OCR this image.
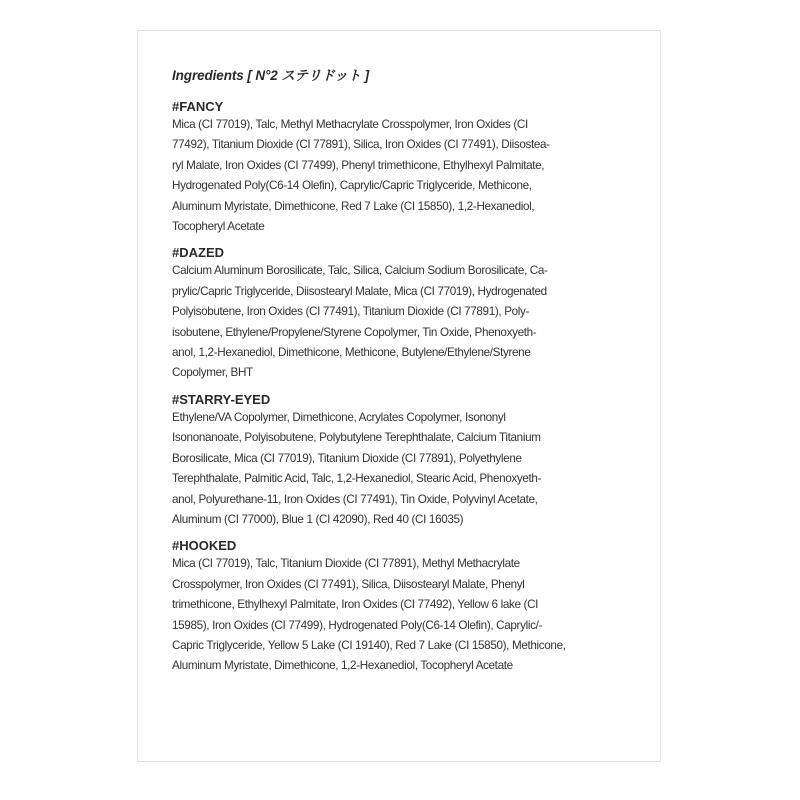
Ingredients [ N°2 ステリドット ]
#FANCY

Mica (CI 77019), Talc, Methyl Methacrylate Crosspolymer, Iron Oxides (CI
77492), Titanium Dioxide (CI 77891), Silica, Iron Oxides (CI 77491), Diisostea-
ryl Malate, Iron Oxides (CI 77499), Phenyl trimethicone, Ethylhexyl Palmitate,
Hydrogenated Poly(C6-14 Olefin), Caprylic/Capric Triglyceride, Methicone,
Aluminum Myristate, Dimethicone, Red 7 Lake (CI 15850), 1,2-Hexanediol,
Tocopheryl Acetate

#DAZED

Calcium Aluminum Borosilicate, Talc, Silica, Calcium Sodium Borosilicate, Ca-
prylic/Capric Triglyceride, Diisostearyl Malate, Mica (CI 77019), Hydrogenated
Polyisobutene, Iron Oxides (CI 77491), Titanium Dioxide (CI 77891), Poly-
isobutene, Ethylene/Propylene/Styrene Copolymer, Tin Oxide, Phenoxyeth-
anol, 1,2-Hexanediol, Dimethicone, Methicone, Butylene/Ethylene/Styrene
Copolymer, BHT

#STARRY-EYED

Ethylene/VA Copolymer, Dimethicone, Acrylates Copolymer, Isononyl
Isononanoate, Polyisobutene, Polybutylene Terephthalate, Calcium Titanium
Borosilicate, Mica (CI 77019), Titanium Dioxide (CI 77891), Polyethylene
Terephthalate, Palmitic Acid, Talc, 1,2-Hexanediol, Stearic Acid, Phenoxyeth-
anol, Polyurethane-11, Iron Oxides (CI 77491), Tin Oxide, Polyvinyl Acetate,
Aluminum (CI 77000), Blue 1 (CI 42090), Red 40 (CI 16035)

#HOOKED

Mica (CI 77019), Talc, Titanium Dioxide (CI 77891), Methyl Methacrylate
Crosspolymer, Iron Oxides (CI 77491), Silica, Diisostearyl Malate, Phenyl
trimethicone, Ethylhexyl Palmitate, Iron Oxides (CI 77492), Yellow 6 lake (CI
15985), Iron Oxides (CI 77499), Hydrogenated Poly(C6-14 Olefin), Caprylic/-
Capric Triglyceride, Yellow 5 Lake (CI 19140), Red 7 Lake (CI 15850), Methicone,
Aluminum Myristate, Dimethicone, 1,2-Hexanediol, Tocopheryl Acetate
